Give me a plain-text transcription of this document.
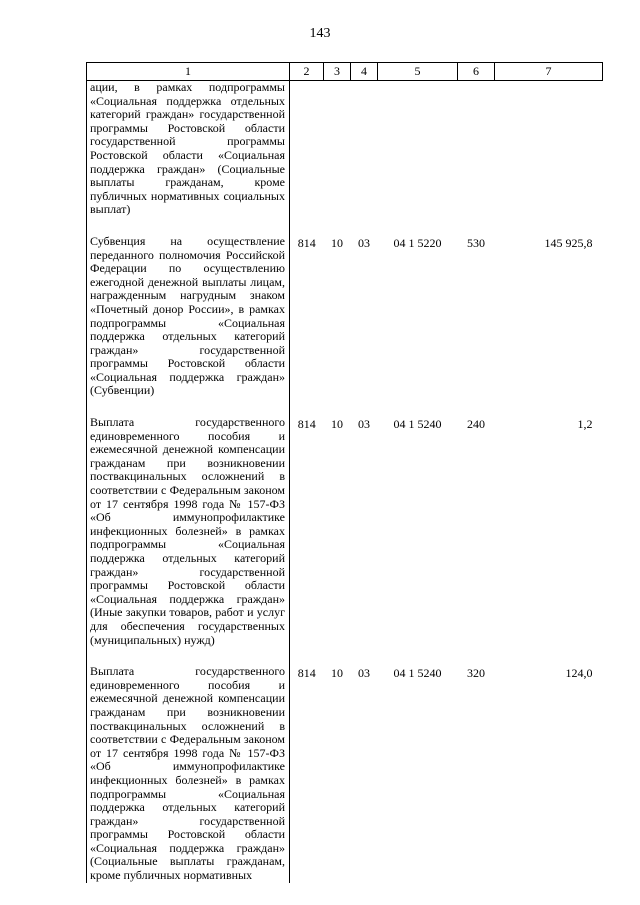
143
1	2	3	4	5	6	7
ации, в рамках подпрограммы «Социальная поддержка отдельных категорий граждан» государственной программы Ростовской области государственной программы Ростовской области «Социальная поддержка граждан» (Социальные выплаты гражданам, кроме публичных нормативных социальных выплат)						

Субвенция на осуществление переданного полномочия Российской Федерации по осуществлению ежегодной денежной выплаты лицам, награжденным нагрудным знаком «Почетный донор России», в рамках подпрограммы «Социальная поддержка отдельных категорий граждан» государственной программы Ростовской области «Социальная поддержка граждан» (Субвенции)	814	10	03	04 1 5220	530	145 925,8

Выплата государственного единовременного пособия и ежемесячной денежной компенсации гражданам при возникновении поствакцинальных осложнений в соответствии с Федеральным законом от 17 сентября 1998 года № 157-ФЗ «Об иммунопрофилактике инфекционных болезней» в рамках подпрограммы «Социальная поддержка отдельных категорий граждан» государственной программы Ростовской области «Социальная поддержка граждан» (Иные закупки товаров, работ и услуг для обеспечения государственных (муниципальных) нужд)	814	10	03	04 1 5240	240	1,2

Выплата государственного единовременного пособия и ежемесячной денежной компенсации гражданам при возникновении поствакцинальных осложнений в соответствии с Федеральным законом от 17 сентября 1998 года № 157-ФЗ «Об иммунопрофилактике инфекционных болезней» в рамках подпрограммы «Социальная поддержка отдельных категорий граждан» государственной программы Ростовской области «Социальная поддержка граждан» (Социальные выплаты гражданам, кроме публичных нормативных	814	10	03	04 1 5240	320	124,0
